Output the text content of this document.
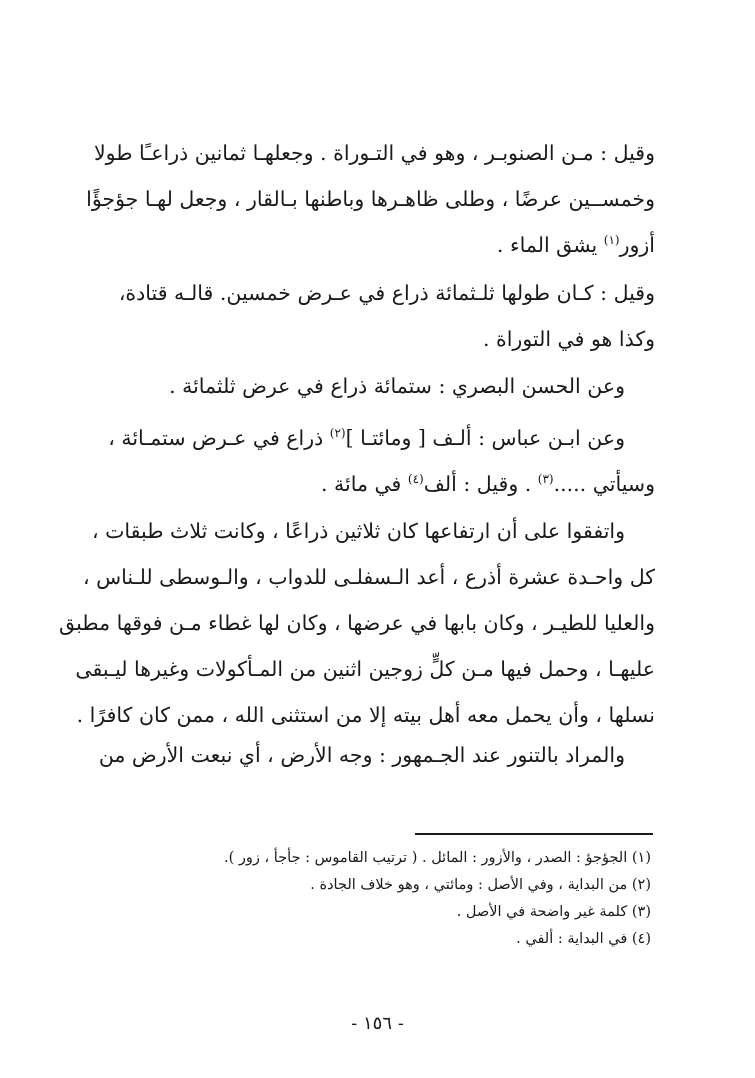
وقيل : مـن الصنوبـر ، وهو في التـوراة . وجعلهـا ثمانين ذراعـًا طولا
وخمســين عرضًا ، وطلى ظاهـرها وباطنها بـالقار ، وجعل لهـا جؤجؤًا
أزور$^{(١)}$ يشق الماء .
وقيل : كـان طولها ثلـثمائة ذراع في عـرض خمسين. قالـه قتادة،
وكذا هو في التوراة .
وعن الحسن البصري : ستمائة ذراع في عرض ثلثمائة .
وعن ابـن عباس : ألـف [ ومائتـا ]$^{(٢)}$ ذراع في عـرض ستمـائة ،
وسيأتي .....$^{(٣)}$ . وقيل : ألف$^{(٤)}$ في مائة .
واتفقوا على أن ارتفاعها كان ثلاثين ذراعًا ، وكانت ثلاث طبقات ،
كل واحـدة عشرة أذرع ، أعد الـسفلـى للدواب ، والـوسطى للـناس ،
والعليا للطيـر ، وكان بابها في عرضها ، وكان لها غطاء مـن فوقها مطبق
عليهـا ، وحمل فيها مـن كلٍّ زوجين اثنين من المـأكولات وغيرها ليـبقى
نسلها ، وأن يحمل معه أهل بيته إلا من استثنى الله ، ممن كان كافرًا .
والمراد بالتنور عند الجـمهور : وجه الأرض ، أي نبعت الأرض من
(١) الجؤجؤ : الصدر ، والأزور : المائل . ( ترتيب القاموس : جأجأ ، زور ).
(٢) من البداية ، وفي الأصل : ومائتي ، وهو خلاف الجادة .
(٣) كلمة غير واضحة في الأصل .
(٤) في البداية : ألفي .
- ١٥٦ -
